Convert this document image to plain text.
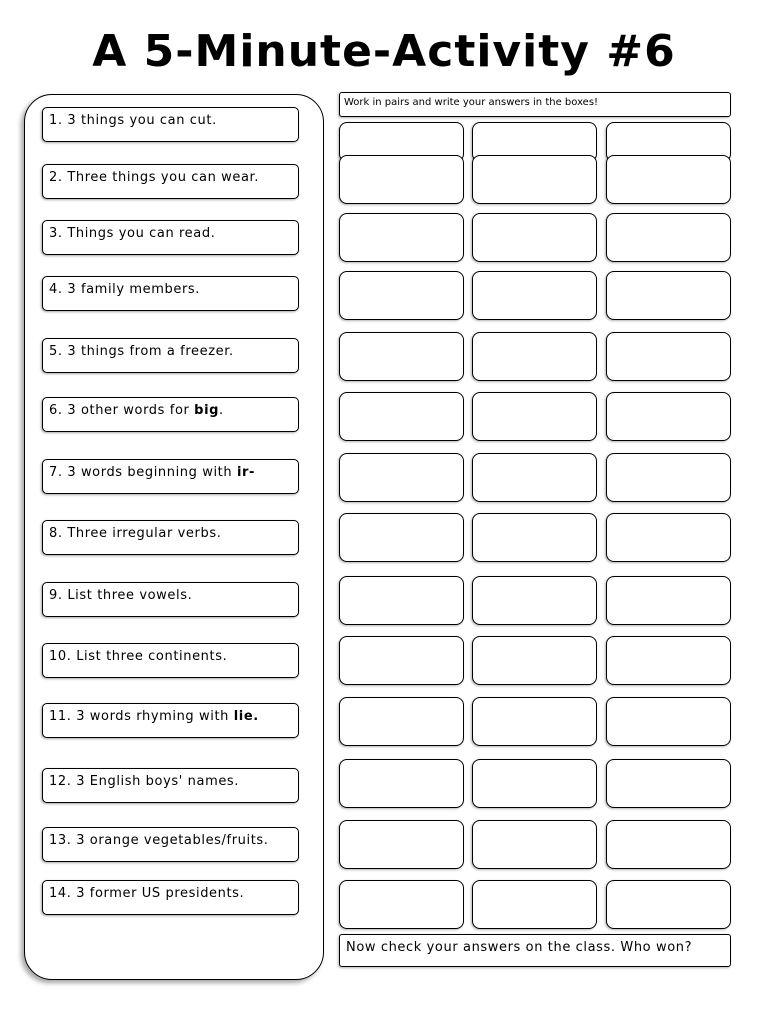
A 5-Minute-Activity #6
1. 3 things you can cut.
2. Three things you can wear.
3. Things you can read.
4. 3 family members.
5. 3 things from a freezer.
6. 3 other words for big.
7. 3 words beginning with ir-
8. Three irregular verbs.
9. List three vowels.
10. List three continents.
11. 3 words rhyming with lie.
12. 3 English boys' names.
13. 3 orange vegetables/fruits.
14. 3 former US presidents.
Work in pairs and write your answers in the boxes!
Now check your answers on the class. Who won?
